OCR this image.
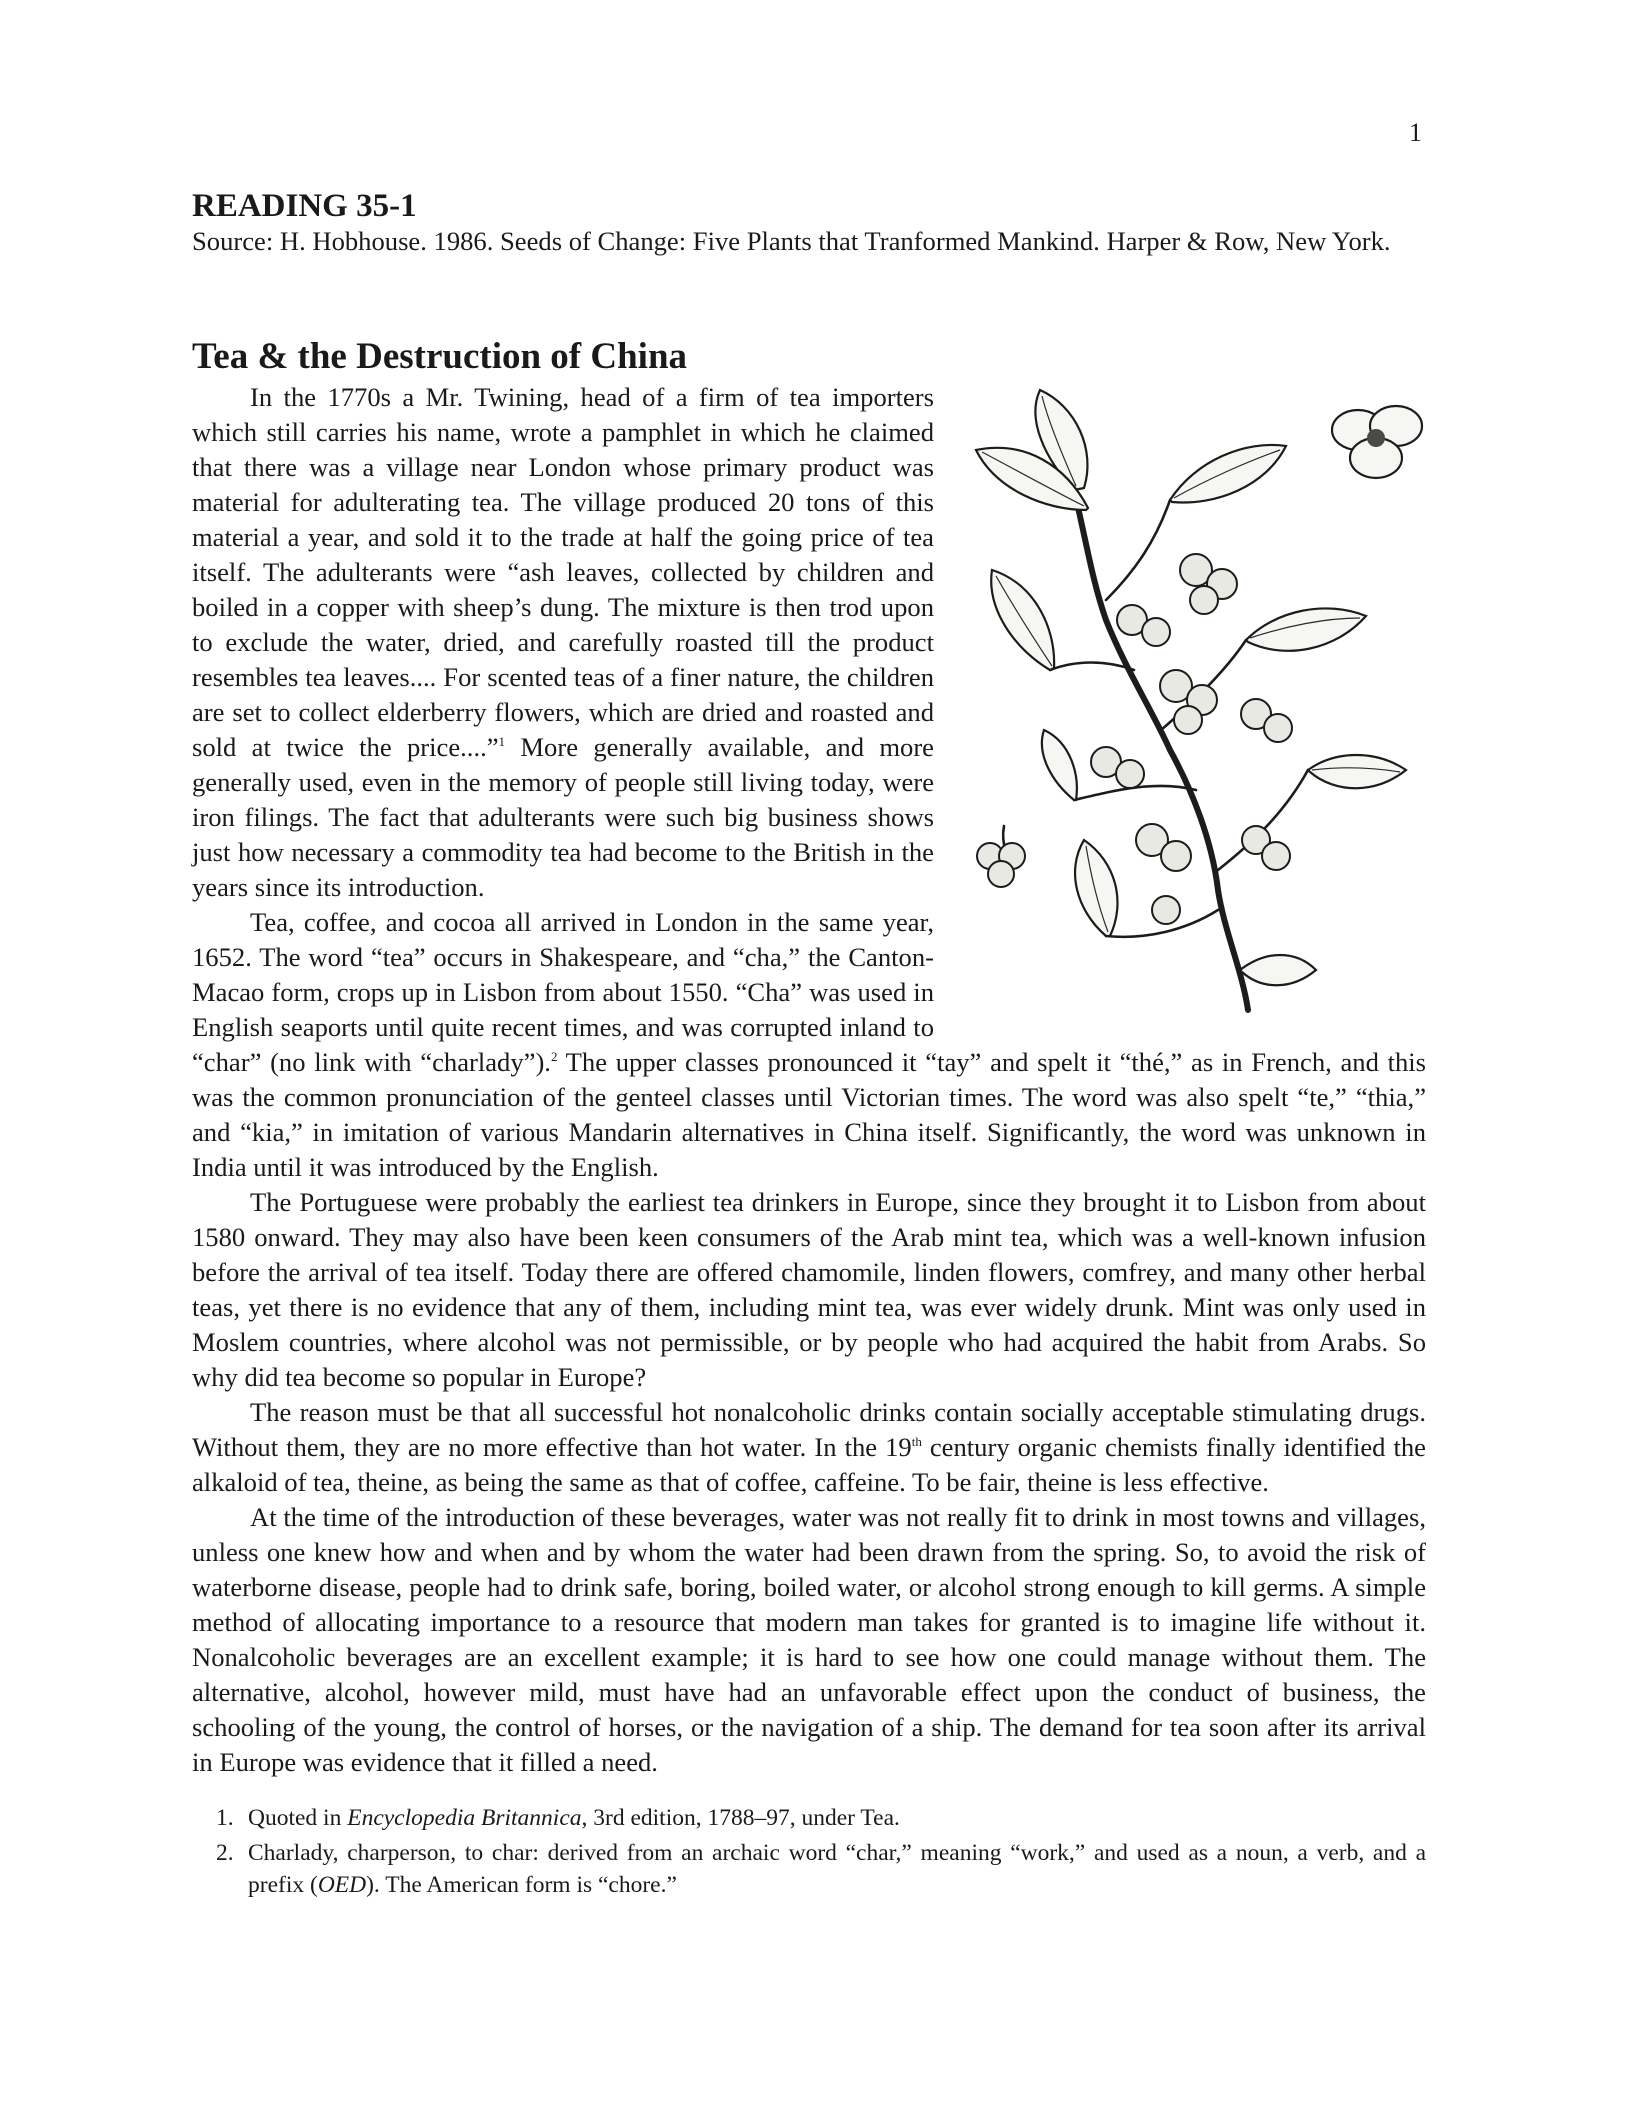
1
READING 35-1
Source: H. Hobhouse. 1986. Seeds of Change: Five Plants that Tranformed Mankind. Harper & Row, New York.
Tea & the Destruction of China

In the 1770s a Mr. Twining, head of a firm of tea importers which still carries his name, wrote a pamphlet in which he claimed that there was a village near London whose primary product was material for adulterating tea. The village produced 20 tons of this material a year, and sold it to the trade at half the going price of tea itself. The adulterants were “ash leaves, collected by children and boiled in a copper with sheep’s dung. The mixture is then trod upon to exclude the water, dried, and carefully roasted till the product resembles tea leaves.... For scented teas of a finer nature, the children are set to collect elderberry flowers, which are dried and roasted and sold at twice the price....”$^1$ More generally available, and more generally used, even in the memory of people still living today, were iron filings. The fact that adulterants were such big business shows just how necessary a commodity tea had become to the British in the years since its introduction.

Tea, coffee, and cocoa all arrived in London in the same year, 1652. The word “tea” occurs in Shakespeare, and “cha,” the Canton-Macao form, crops up in Lisbon from about 1550. “Cha” was used in English seaports until quite recent times, and was corrupted inland to “char” (no link with “charlady”).$^2$ The upper classes pronounced it “tay” and spelt it “thé,” as in French, and this was the common pronunciation of the genteel classes until Victorian times. The word was also spelt “te,” “thia,” and “kia,” in imitation of various Mandarin alternatives in China itself. Significantly, the word was unknown in India until it was introduced by the English.

The Portuguese were probably the earliest tea drinkers in Europe, since they brought it to Lisbon from about 1580 onward. They may also have been keen consumers of the Arab mint tea, which was a well-known infusion before the arrival of tea itself. Today there are offered chamomile, linden flowers, comfrey, and many other herbal teas, yet there is no evidence that any of them, including mint tea, was ever widely drunk. Mint was only used in Moslem countries, where alcohol was not permissible, or by people who had acquired the habit from Arabs. So why did tea become so popular in Europe?

The reason must be that all successful hot nonalcoholic drinks contain socially acceptable stimulating drugs. Without them, they are no more effective than hot water. In the 19th century organic chemists finally identified the alkaloid of tea, theine, as being the same as that of coffee, caffeine. To be fair, theine is less effective.

At the time of the introduction of these beverages, water was not really fit to drink in most towns and villages, unless one knew how and when and by whom the water had been drawn from the spring. So, to avoid the risk of waterborne disease, people had to drink safe, boring, boiled water, or alcohol strong enough to kill germs. A simple method of allocating importance to a resource that modern man takes for granted is to imagine life without it. Nonalcoholic beverages are an excellent example; it is hard to see how one could manage without them. The alternative, alcohol, however mild, must have had an unfavorable effect upon the conduct of business, the schooling of the young, the control of horses, or the navigation of a ship. The demand for tea soon after its arrival in Europe was evidence that it filled a need.

1. Quoted in Encyclopedia Britannica, 3rd edition, 1788–97, under Tea.
2. Charlady, charperson, to char: derived from an archaic word “char,” meaning “work,” and used as a noun, a verb, and a prefix (OED). The American form is “chore.”
